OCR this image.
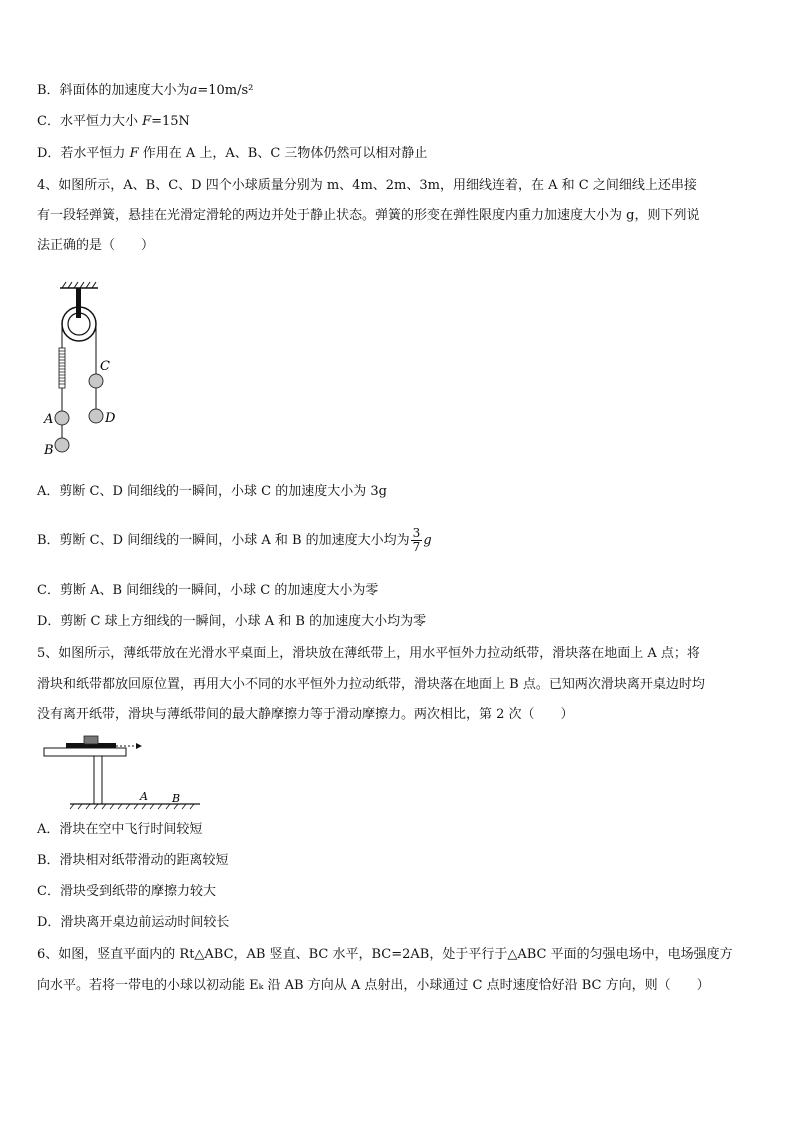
B．斜面体的加速度大小为a=10m/s²
C．水平恒力大小 F=15N
D．若水平恒力 F 作用在 A 上，A、B、C 三物体仍然可以相对静止
4、如图所示，A、B、C、D 四个小球质量分别为 m、4m、2m、3m，用细线连着，在 A 和 C 之间细线上还串接
有一段轻弹簧，悬挂在光滑定滑轮的两边并处于静止状态。弹簧的形变在弹性限度内重力加速度大小为 g，则下列说
法正确的是（　　）
A
B
C
D
A．剪断 C、D 间细线的一瞬间，小球 C 的加速度大小为 3g
B．剪断 C、D 间细线的一瞬间，小球 A 和 B 的加速度大小均为 $\frac{3}{7}$ g
C．剪断 A、B 间细线的一瞬间，小球 C 的加速度大小为零
D．剪断 C 球上方细线的一瞬间，小球 A 和 B 的加速度大小均为零
5、如图所示，薄纸带放在光滑水平桌面上，滑块放在薄纸带上，用水平恒外力拉动纸带，滑块落在地面上 A 点；将
滑块和纸带都放回原位置，再用大小不同的水平恒外力拉动纸带，滑块落在地面上 B 点。已知两次滑块离开桌边时均
没有离开纸带，滑块与薄纸带间的最大静摩擦力等于滑动摩擦力。两次相比，第 2 次（　　）
A B
A．滑块在空中飞行时间较短
B．滑块相对纸带滑动的距离较短
C．滑块受到纸带的摩擦力较大
D．滑块离开桌边前运动时间较长
6、如图，竖直平面内的 Rt△ABC，AB 竖直、BC 水平，BC=2AB，处于平行于△ABC 平面的匀强电场中，电场强度方
向水平。若将一带电的小球以初动能 Eₖ 沿 AB 方向从 A 点射出，小球通过 C 点时速度恰好沿 BC 方向，则（　　）
